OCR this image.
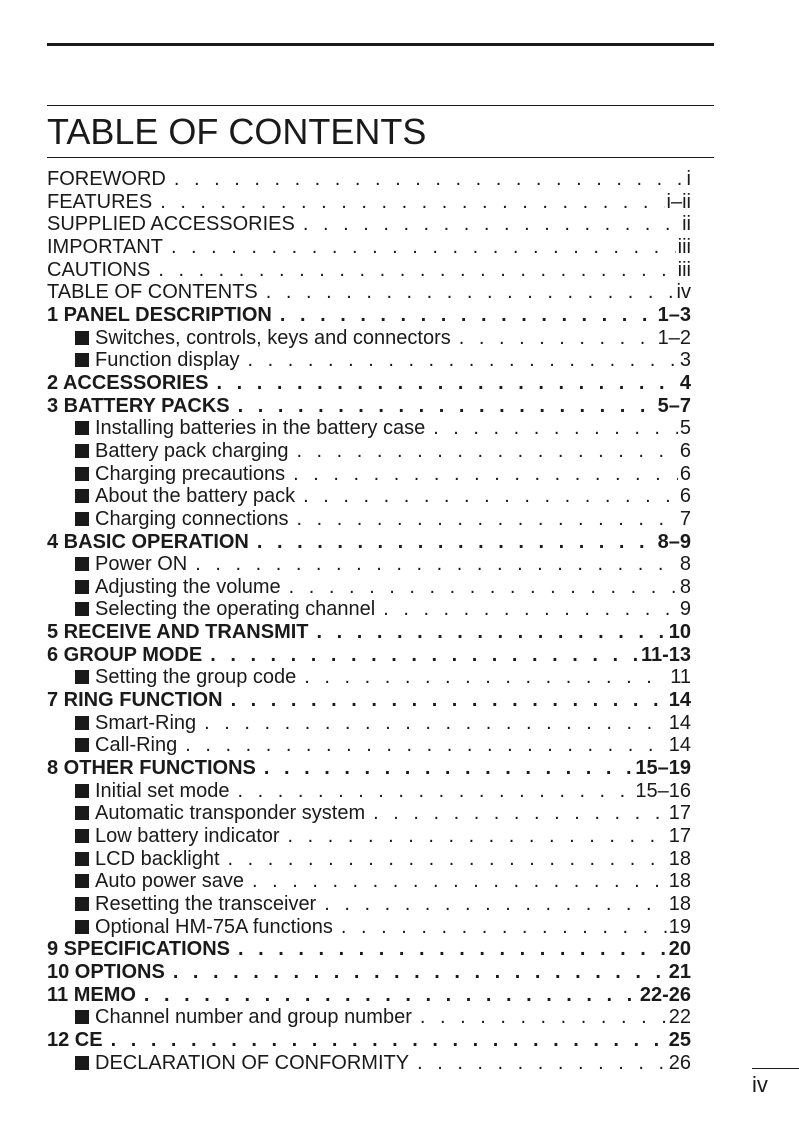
TABLE OF CONTENTS
FOREWORD . . .	i
FEATURES . . .	i–ii
SUPPLIED ACCESSORIES . . .	ii
IMPORTANT . . .	iii
CAUTIONS . . .	iii
TABLE OF CONTENTS . . .	iv
1 PANEL DESCRIPTION . . .	1–3
Switches, controls, keys and connectors . . .	1–2
Function display . . .	3
2 ACCESSORIES . . .	4
3 BATTERY PACKS . . .	5–7
Installing batteries in the battery case . . .	5
Battery pack charging . . .	6
Charging precautions . . .	6
About the battery pack . . .	6
Charging connections . . .	7
4 BASIC OPERATION . . .	8–9
Power ON . . .	8
Adjusting the volume . . .	8
Selecting the operating channel . . .	9
5 RECEIVE AND TRANSMIT . . .	10
6 GROUP MODE . . .	11-13
Setting the group code . . .	11
7 RING FUNCTION . . .	14
Smart-Ring . . .	14
Call-Ring . . .	14
8 OTHER FUNCTIONS . . .	15–19
Initial set mode . . .	15–16
Automatic transponder system . . .	17
Low battery indicator . . .	17
LCD backlight . . .	18
Auto power save . . .	18
Resetting the transceiver . . .	18
Optional HM-75A functions . . .	19
9 SPECIFICATIONS . . .	20
10 OPTIONS . . .	21
11 MEMO . . .	22-26
Channel number and group number . . .	22
12 CE . . .	25
DECLARATION OF CONFORMITY . . .	26
iv
